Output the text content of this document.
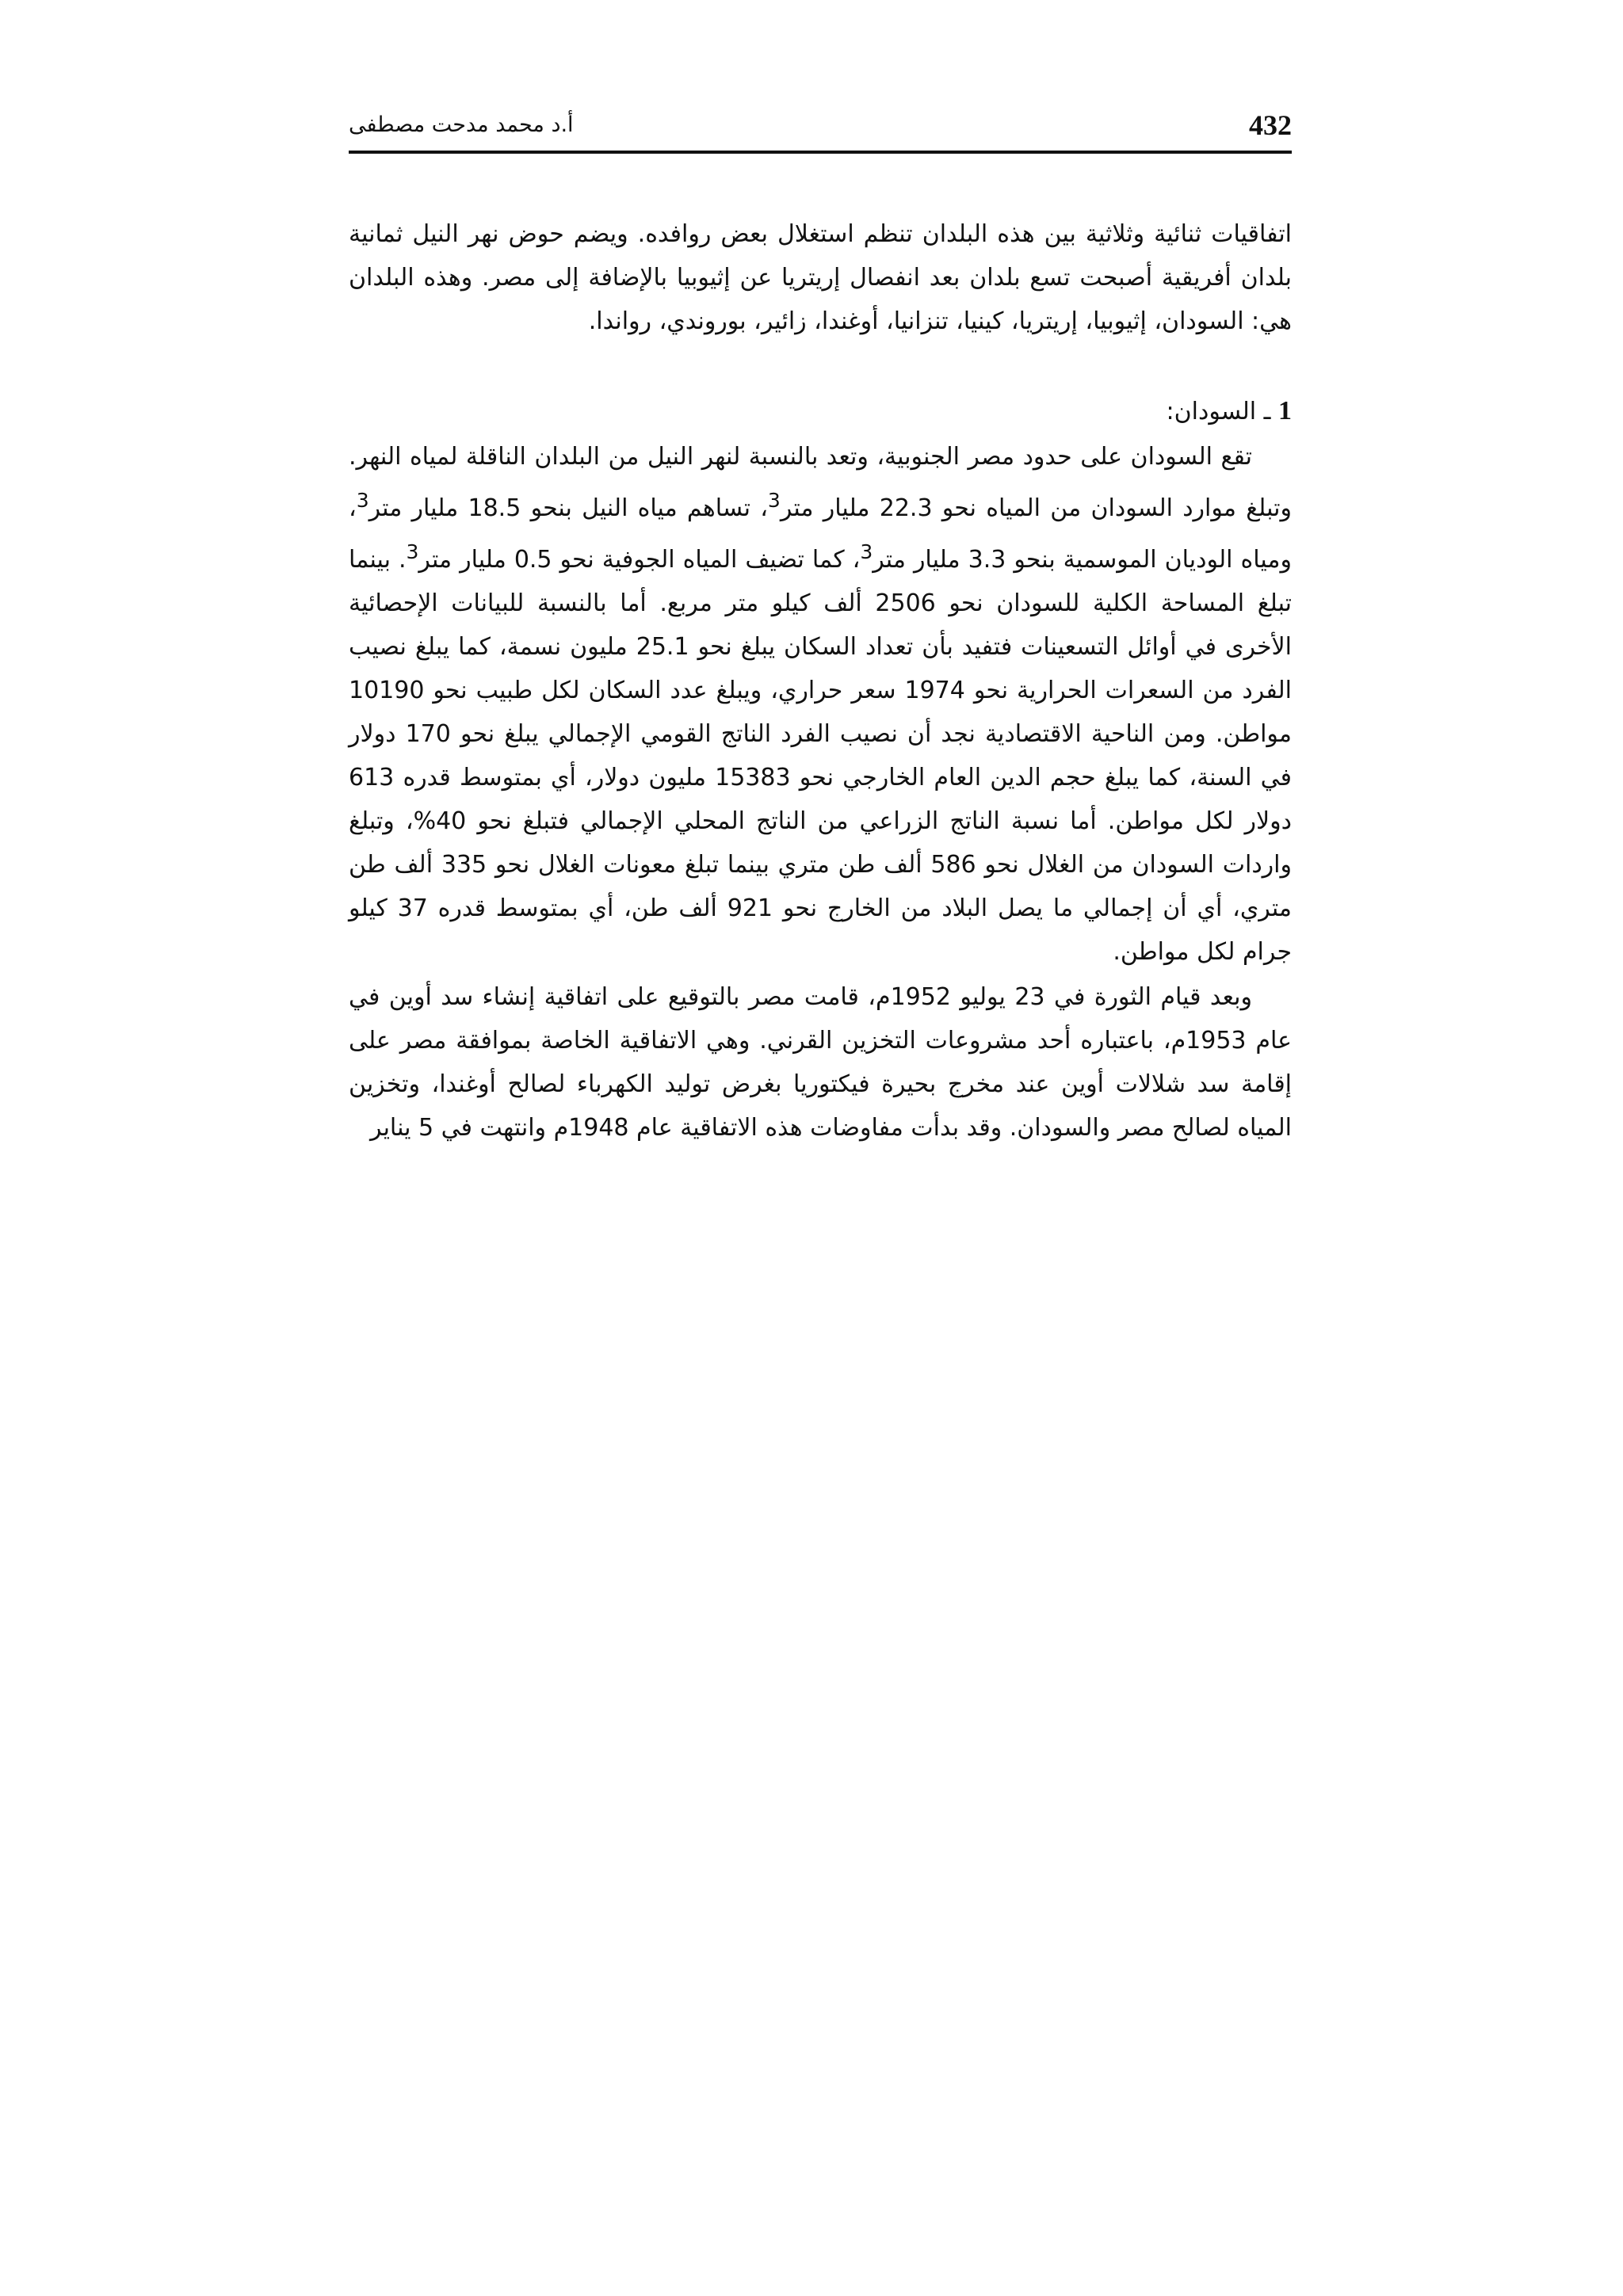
432
أ.د محمد مدحت مصطفى

اتفاقيات ثنائية وثلاثية بين هذه البلدان تنظم استغلال بعض روافده. ويضم حوض نهر النيل ثمانية بلدان أفريقية أصبحت تسع بلدان بعد انفصال إريتريا عن إثيوبيا بالإضافة إلى مصر. وهذه البلدان هي: السودان، إثيوبيا، إريتريا، كينيا، تنزانيا، أوغندا، زائير، بوروندي، رواندا.

1 ـ السودان:

تقع السودان على حدود مصر الجنوبية، وتعد بالنسبة لنهر النيل من البلدان الناقلة لمياه النهر. وتبلغ موارد السودان من المياه نحو 22.3 مليار متر$^3$، تساهم مياه النيل بنحو 18.5 مليار متر$^3$، ومياه الوديان الموسمية بنحو 3.3 مليار متر$^3$، كما تضيف المياه الجوفية نحو 0.5 مليار متر$^3$. بينما تبلغ المساحة الكلية للسودان نحو 2506 ألف كيلو متر مربع. أما بالنسبة للبيانات الإحصائية الأخرى في أوائل التسعينات فتفيد بأن تعداد السكان يبلغ نحو 25.1 مليون نسمة، كما يبلغ نصيب الفرد من السعرات الحرارية نحو 1974 سعر حراري، ويبلغ عدد السكان لكل طبيب نحو 10190 مواطن. ومن الناحية الاقتصادية نجد أن نصيب الفرد الناتج القومي الإجمالي يبلغ نحو 170 دولار في السنة، كما يبلغ حجم الدين العام الخارجي نحو 15383 مليون دولار، أي بمتوسط قدره 613 دولار لكل مواطن. أما نسبة الناتج الزراعي من الناتج المحلي الإجمالي فتبلغ نحو 40%، وتبلغ واردات السودان من الغلال نحو 586 ألف طن متري بينما تبلغ معونات الغلال نحو 335 ألف طن متري، أي أن إجمالي ما يصل البلاد من الخارج نحو 921 ألف طن، أي بمتوسط قدره 37 كيلو جرام لكل مواطن.

وبعد قيام الثورة في 23 يوليو 1952م، قامت مصر بالتوقيع على اتفاقية إنشاء سد أوين في عام 1953م، باعتباره أحد مشروعات التخزين القرني. وهي الاتفاقية الخاصة بموافقة مصر على إقامة سد شلالات أوين عند مخرج بحيرة فيكتوريا بغرض توليد الكهرباء لصالح أوغندا، وتخزين المياه لصالح مصر والسودان. وقد بدأت مفاوضات هذه الاتفاقية عام 1948م وانتهت في 5 يناير
